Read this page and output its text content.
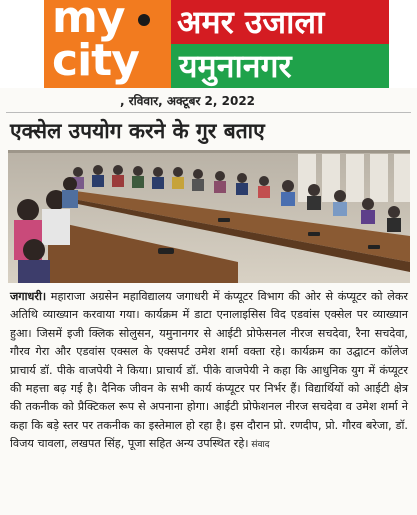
my
city
अमर उजाला
यमुनानगर
, रविवार, अक्टूबर 2, 2022
एक्सेल उपयोग करने के गुर बताए
जगाधरी। महाराजा अग्रसेन महाविद्यालय जगाधरी में कंप्यूटर विभाग की ओर से कंप्यूटर को लेकर अतिथि व्याख्यान करवाया गया। कार्यक्रम में डाटा एनालाइसिस विद एडवांस एक्सेल पर व्याख्यान हुआ। जिसमें इजी क्लिक सोलुसन, यमुनानगर से आईटी प्रोफेसनल नीरज सचदेवा, रैना सचदेवा, गौरव गेरा और एडवांस एक्सल के एक्सपर्ट उमेश शर्मा वक्ता रहे। कार्यक्रम का उद्घाटन कॉलेज प्राचार्य डॉ. पीके वाजपेयी ने किया। प्राचार्य डॉ. पीके वाजपेयी ने कहा कि आधुनिक युग में कंप्यूटर की महत्ता बढ़ गई है। दैनिक जीवन के सभी कार्य कंप्यूटर पर निर्भर हैं। विद्यार्थियों को आईटी क्षेत्र की तकनीक को प्रैक्टिकल रूप से अपनाना होगा। आईटी प्रोफेशनल नीरज सचदेवा व उमेश शर्मा ने कहा कि बड़े स्तर पर तकनीक का इस्तेमाल हो रहा है। इस दौरान प्रो. रणदीप, प्रो. गौरव बरेजा, डॉ. विजय चावला, लखपत सिंह, पूजा सहित अन्य उपस्थित रहे। संवाद
